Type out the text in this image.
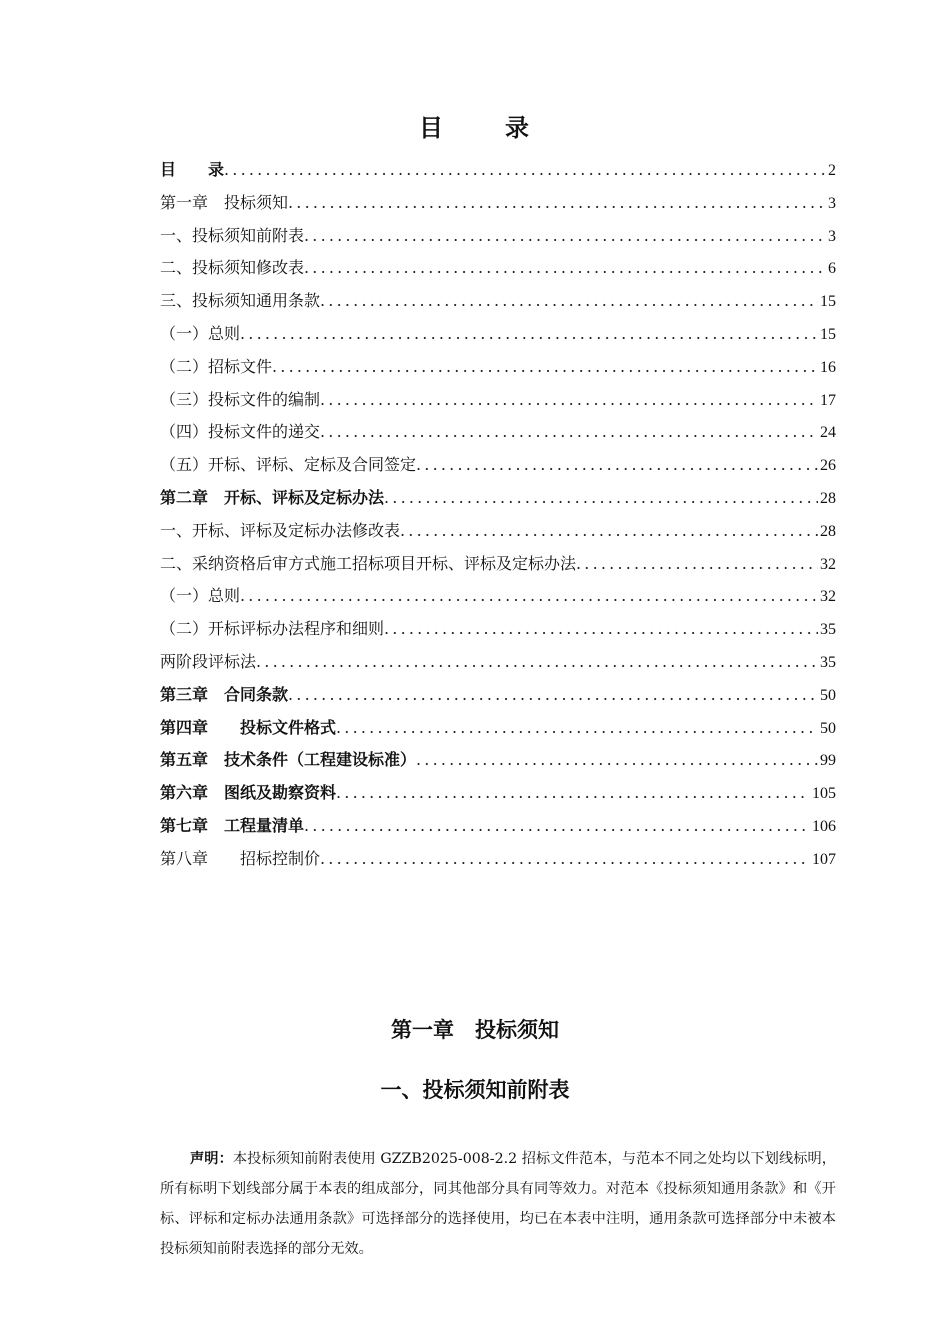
目	录
目　　录 .....	2
第一章　投标须知 .....	3
一、投标须知前附表 .....	3
二、投标须知修改表 .....	6
三、投标须知通用条款 .....	15
（一）总则 .....	15
（二）招标文件 .....	16
（三）投标文件的编制 .....	17
（四）投标文件的递交 .....	24
（五）开标、评标、定标及合同签定 .....	26
第二章　开标、评标及定标办法 .....	28
一、开标、评标及定标办法修改表 .....	28
二、采纳资格后审方式施工招标项目开标、评标及定标办法 .....	32
（一）总则 .....	32
（二）开标评标办法程序和细则 .....	35
两阶段评标法 .....	35
第三章　合同条款 .....	50
第四章　　投标文件格式 .....	50
第五章　技术条件（工程建设标准） .....	99
第六章　图纸及勘察资料 .....	105
第七章　工程量清单 .....	106
第八章　　招标控制价 .....	107
第一章　投标须知
一、投标须知前附表

声明：本投标须知前附表使用 GZZB2025-008-2.2 招标文件范本，与范本不同之处均以下划线标明，所有标明下划线部分属于本表的组成部分，同其他部分具有同等效力。对范本《投标须知通用条款》和《开标、评标和定标办法通用条款》可选择部分的选择使用，均已在本表中注明，通用条款可选择部分中未被本投标须知前附表选择的部分无效。
